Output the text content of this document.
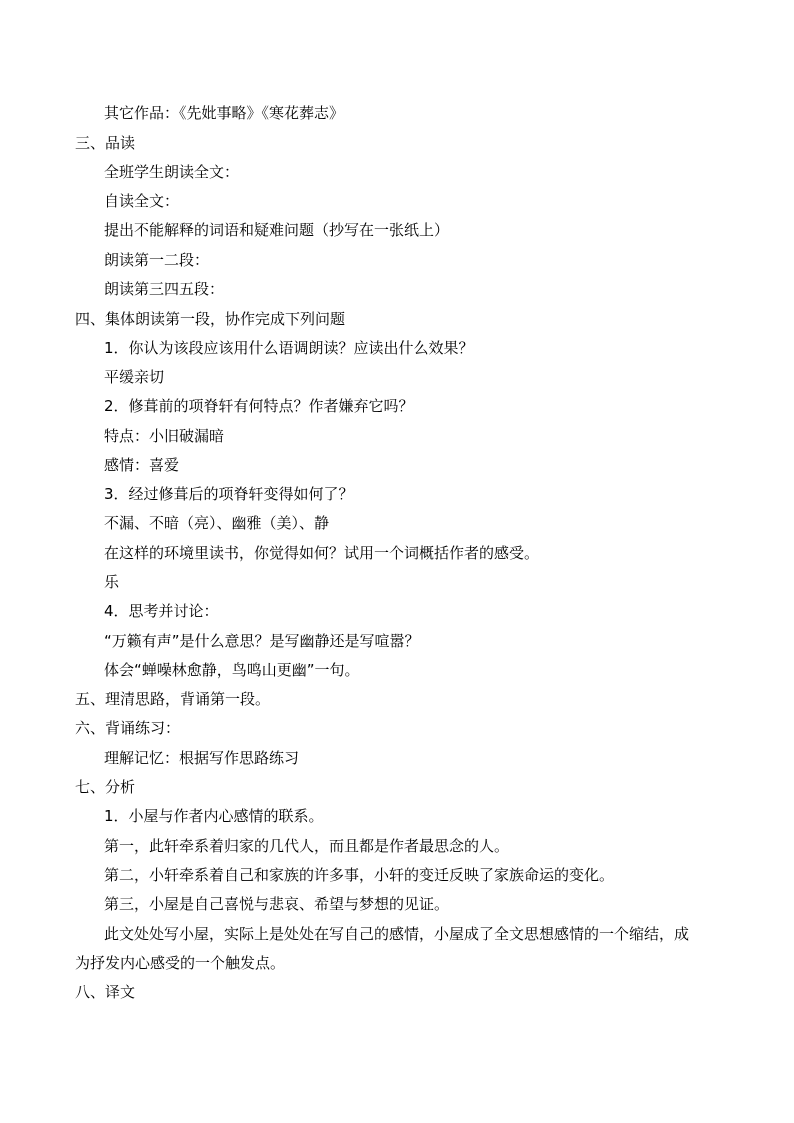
其它作品：《先妣事略》《寒花葬志》
三、品读
全班学生朗读全文：
自读全文：
提出不能解释的词语和疑难问题（抄写在一张纸上）
朗读第一二段：
朗读第三四五段：
四、集体朗读第一段，协作完成下列问题
1．你认为该段应该用什么语调朗读？应读出什么效果？
平缓亲切
2．修葺前的项脊轩有何特点？作者嫌弃它吗？
特点：小旧破漏暗
感情：喜爱
3．经过修葺后的项脊轩变得如何了？
不漏、不暗（亮）、幽雅（美）、静
在这样的环境里读书，你觉得如何？试用一个词概括作者的感受。
乐
4．思考并讨论：
“万籁有声”是什么意思？是写幽静还是写喧嚣？
体会“蝉噪林愈静，鸟鸣山更幽”一句。
五、理清思路，背诵第一段。
六、背诵练习：
理解记忆：根据写作思路练习
七、分析
1．小屋与作者内心感情的联系。
第一，此轩牵系着归家的几代人，而且都是作者最思念的人。
第二，小轩牵系着自己和家族的许多事，小轩的变迁反映了家族命运的变化。
第三，小屋是自己喜悦与悲哀、希望与梦想的见证。
此文处处写小屋，实际上是处处在写自己的感情，小屋成了全文思想感情的一个缩结，成
为抒发内心感受的一个触发点。
八、译文
